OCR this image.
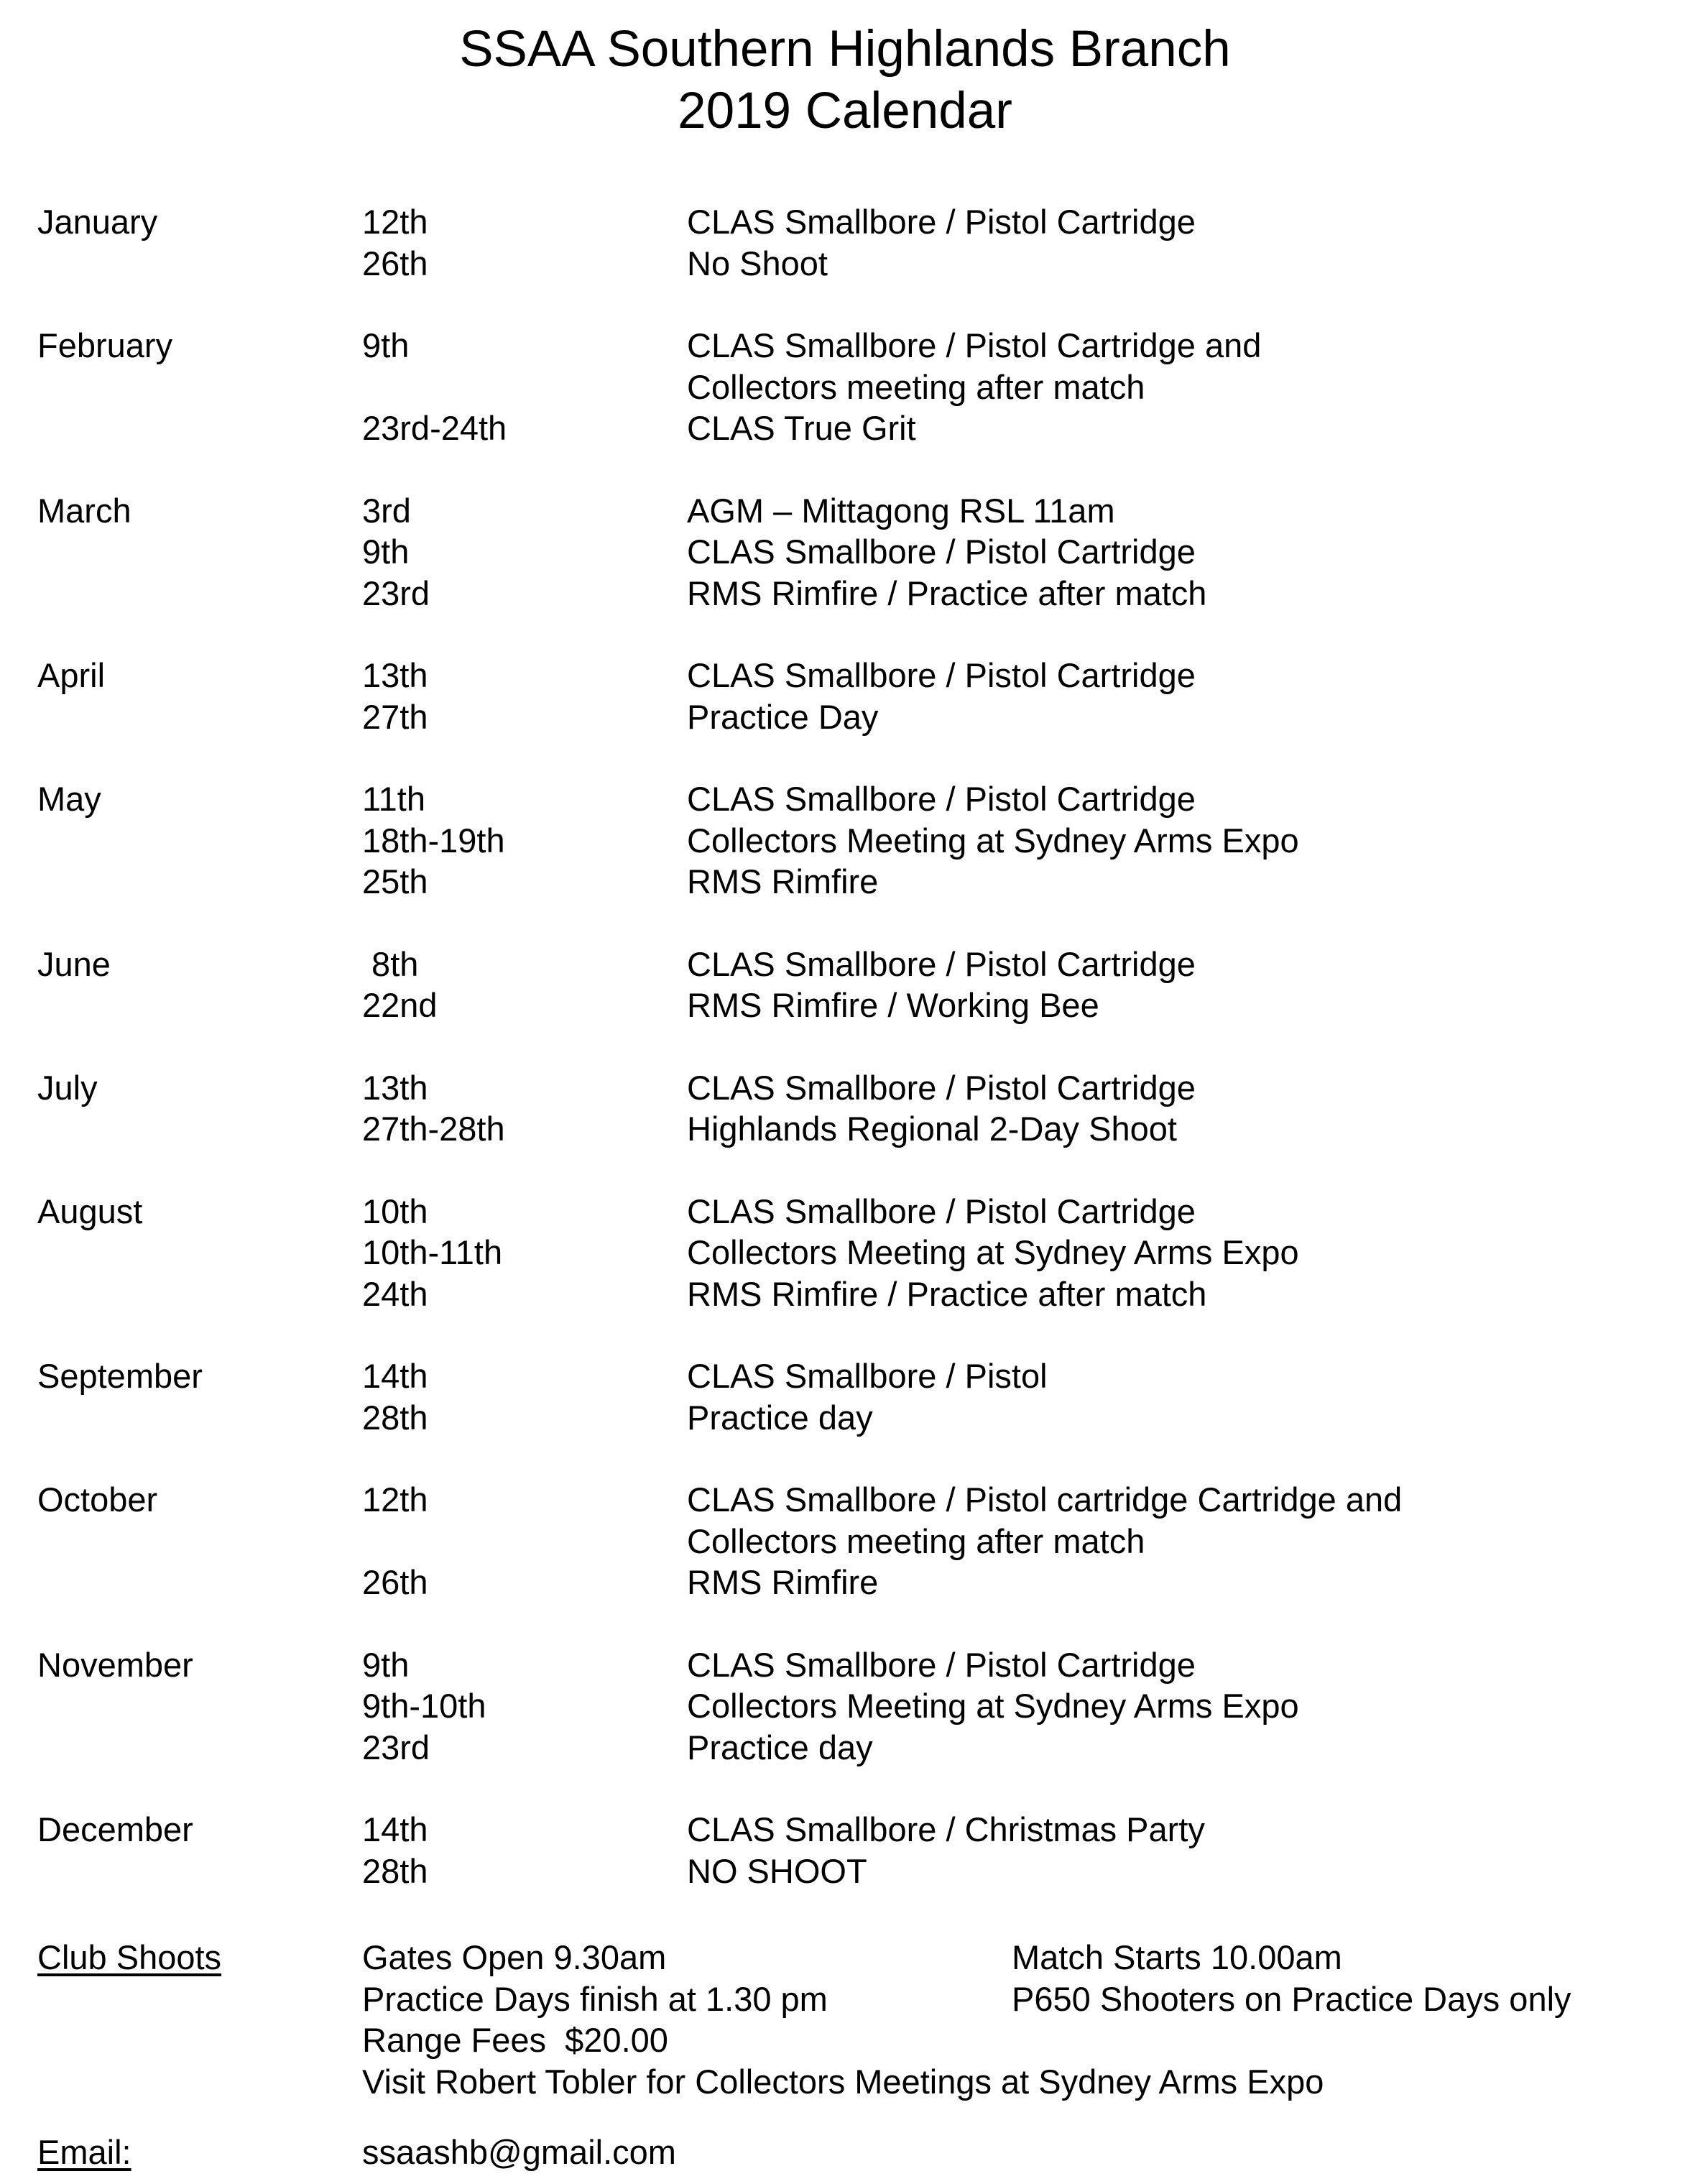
SSAA Southern Highlands Branch
2019 Calendar
January	12th	CLAS Smallbore / Pistol Cartridge
26th	No Shoot
February	9th	CLAS Smallbore / Pistol Cartridge and
Collectors meeting after match
23rd-24th	CLAS True Grit
March	3rd	AGM – Mittagong RSL 11am
9th	CLAS Smallbore / Pistol Cartridge
23rd	RMS Rimfire / Practice after match
April	13th	CLAS Smallbore / Pistol Cartridge
27th	Practice Day
May	11th	CLAS Smallbore / Pistol Cartridge
18th-19th	Collectors Meeting at Sydney Arms Expo
25th	RMS Rimfire
June	8th	CLAS Smallbore / Pistol Cartridge
22nd	RMS Rimfire / Working Bee
July	13th	CLAS Smallbore / Pistol Cartridge
27th-28th	Highlands Regional 2-Day Shoot
August	10th	CLAS Smallbore / Pistol Cartridge
10th-11th	Collectors Meeting at Sydney Arms Expo
24th	RMS Rimfire / Practice after match
September	14th	CLAS Smallbore / Pistol
28th	Practice day
October	12th	CLAS Smallbore / Pistol cartridge Cartridge and
Collectors meeting after match
26th	RMS Rimfire
November	9th	CLAS Smallbore / Pistol Cartridge
9th-10th	Collectors Meeting at Sydney Arms Expo
23rd	Practice day
December	14th	CLAS Smallbore / Christmas Party
28th	NO SHOOT
Club Shoots	Gates Open 9.30am	Match Starts 10.00am
Practice Days finish at 1.30 pm	P650 Shooters on Practice Days only
Range Fees  $20.00
Visit Robert Tobler for Collectors Meetings at Sydney Arms Expo
Email:	ssaashb@gmail.com
